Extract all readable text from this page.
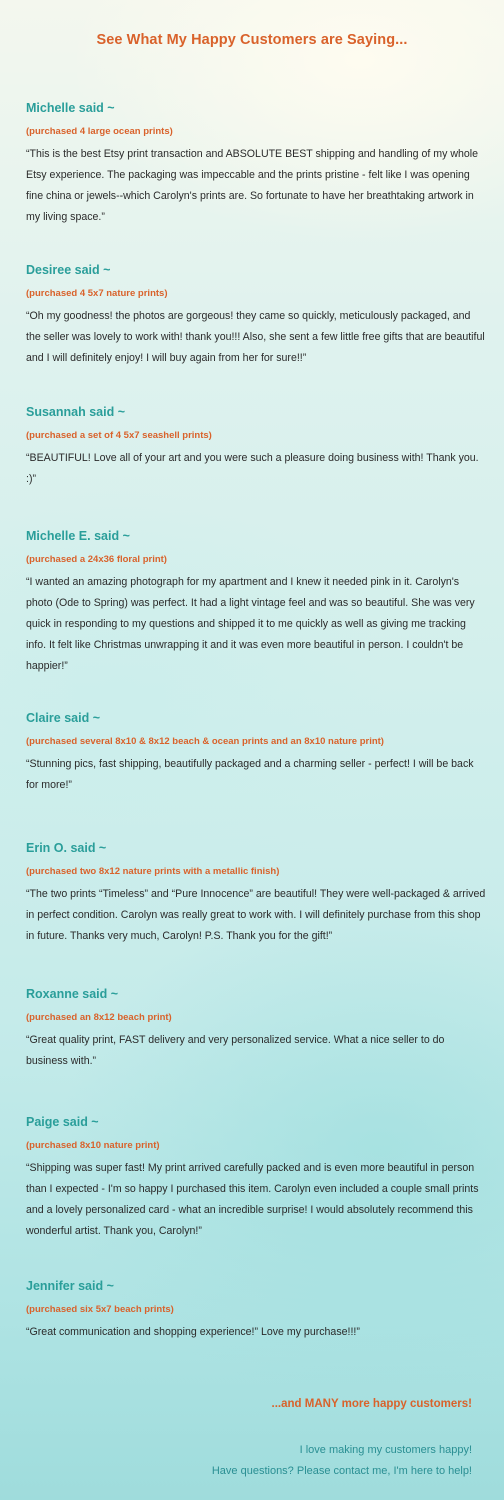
See What My Happy Customers are Saying...

Michelle said ~

(purchased 4 large ocean prints)

“This is the best Etsy print transaction and ABSOLUTE BEST shipping and handling of my whole Etsy experience. The packaging was impeccable and the prints pristine - felt like I was opening fine china or jewels--which Carolyn's prints are. So fortunate to have her breathtaking artwork in my living space.”

Desiree said ~

(purchased 4 5x7 nature prints)

“Oh my goodness! the photos are gorgeous! they came so quickly, meticulously packaged, and the seller was lovely to work with! thank you!!! Also, she sent a few little free gifts that are beautiful and I will definitely enjoy! I will buy again from her for sure!!”

Susannah said ~

(purchased a set of 4 5x7 seashell prints)

“BEAUTIFUL! Love all of your art and you were such a pleasure doing business with! Thank you. :)”

Michelle E. said ~

(purchased a 24x36 floral print)

“I wanted an amazing photograph for my apartment and I knew it needed pink in it. Carolyn's photo (Ode to Spring) was perfect. It had a light vintage feel and was so beautiful. She was very quick in responding to my questions and shipped it to me quickly as well as giving me tracking info. It felt like Christmas unwrapping it and it was even more beautiful in person. I couldn't be happier!”

Claire said ~

(purchased several 8x10 & 8x12 beach & ocean prints and an 8x10 nature print)

“Stunning pics, fast shipping, beautifully packaged and a charming seller - perfect! I will be back for more!”

Erin O. said ~

(purchased two 8x12 nature prints with a metallic finish)

“The two prints “Timeless” and “Pure Innocence” are beautiful! They were well-packaged & arrived in perfect condition. Carolyn was really great to work with. I will definitely purchase from this shop in future. Thanks very much, Carolyn! P.S. Thank you for the gift!”

Roxanne said ~

(purchased an 8x12 beach print)

“Great quality print, FAST delivery and very personalized service. What a nice seller to do business with.”

Paige said ~

(purchased 8x10 nature print)

“Shipping was super fast! My print arrived carefully packed and is even more beautiful in person than I expected - I'm so happy I purchased this item. Carolyn even included a couple small prints and a lovely personalized card - what an incredible surprise! I would absolutely recommend this wonderful artist. Thank you, Carolyn!”

Jennifer said ~

(purchased six 5x7 beach prints)

“Great communication and shopping experience!” Love my purchase!!!”

...and MANY more happy customers!
I love making my customers happy!
Have questions? Please contact me, I'm here to help!
